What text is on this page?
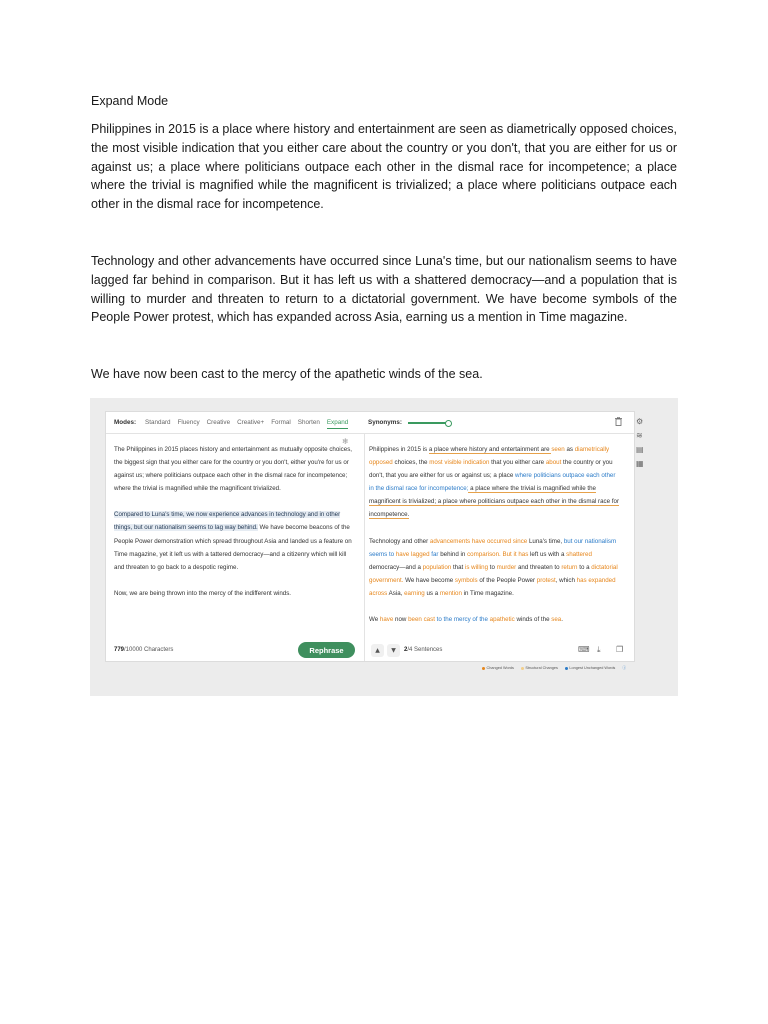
Expand Mode

Philippines in 2015 is a place where history and entertainment are seen as diametrically opposed choices, the most visible indication that you either care about the country or you don't, that you are either for us or against us; a place where politicians outpace each other in the dismal race for incompetence; a place where the trivial is magnified while the magnificent is trivialized; a place where politicians outpace each other in the dismal race for incompetence.

Technology and other advancements have occurred since Luna's time, but our nationalism seems to have lagged far behind in comparison. But it has left us with a shattered democracy—and a population that is willing to murder and threaten to return to a dictatorial government. We have become symbols of the People Power protest, which has expanded across Asia, earning us a mention in Time magazine.

We have now been cast to the mercy of the apathetic winds of the sea.

Modes: Standard Fluency Creative Creative+ Formal Shorten Expand	Synonyms:
❄

The Philippines in 2015 places history and entertainment as mutually opposite choices, the biggest sign that you either care for the country or you don't, either you're for us or against us; where politicians outpace each other in the dismal race for incompetence; where the trivial is magnified while the magnificent trivialized.

Compared to Luna's time, we now experience advances in technology and in other things, but our nationalism seems to lag way behind. We have become beacons of the People Power demonstration which spread throughout Asia and landed us a feature on Time magazine, yet it left us with a tattered democracy—and a citizenry which will kill and threaten to go back to a despotic regime.

Now, we are being thrown into the mercy of the indifferent winds.

Philippines in 2015 is a place where history and entertainment are seen as diametrically opposed choices, the most visible indication that you either care about the country or you don't, that you are either for us or against us; a place where politicians outpace each other in the dismal race for incompetence; a place where the trivial is magnified while the magnificent is trivialized; a place where politicians outpace each other in the dismal race for incompetence.

Technology and other advancements have occurred since Luna's time, but our nationalism seems to have lagged far behind in comparison. But it has left us with a shattered democracy—and a population that is willing to murder and threaten to return to a dictatorial government. We have become symbols of the People Power protest, which has expanded across Asia, earning us a mention in Time magazine.

We have now been cast to the mercy of the apathetic winds of the sea.

779/10000 Characters	Rephrase	▲	▼	2/4 Sentences	⌨ ⤓ ❐
⚙
≋
▤
▦
Changed Words	Structural Changes	Longest Unchanged Words ⓘ
